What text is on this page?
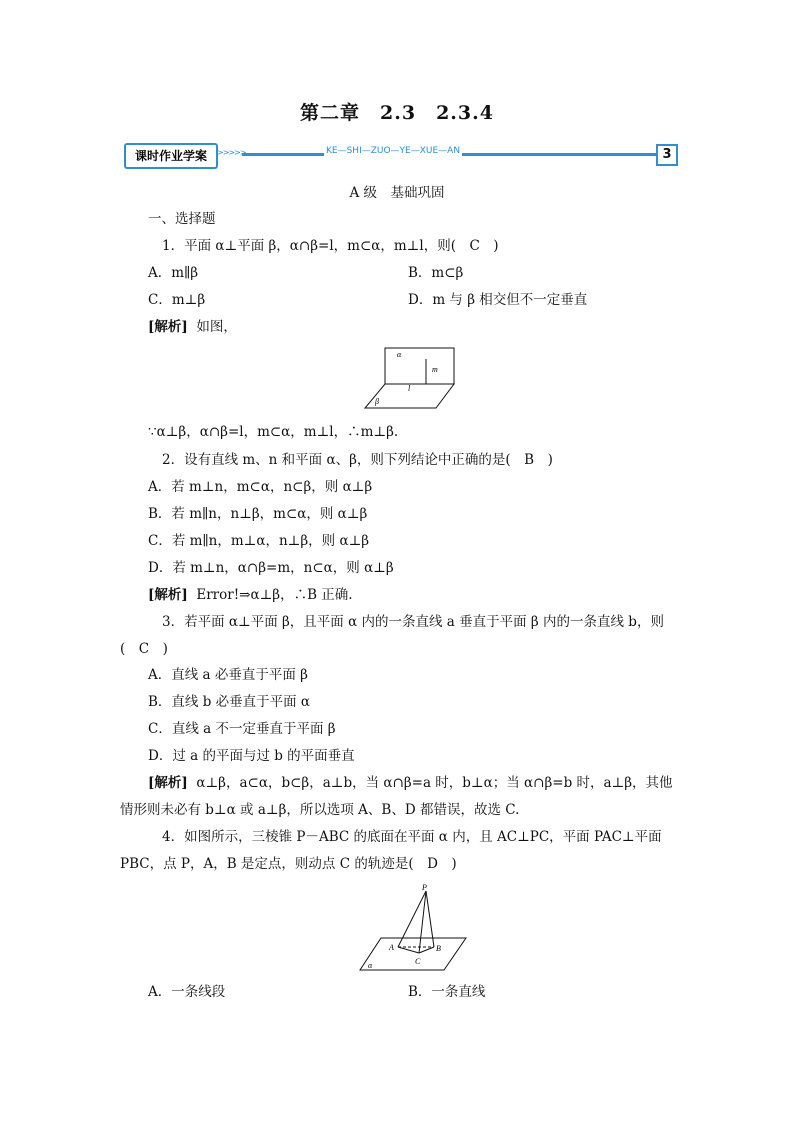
第二章　2.3　2.3.4
课时作业学案	>>>>>	KE—SHI—ZUO—YE—XUE—AN	3
A 级　基础巩固
一、选择题
1．平面 α⊥平面 β，α∩β=l，m⊂α，m⊥l，则(　C　)
A．m∥β	B．m⊂β
C．m⊥β	D．m 与 β 相交但不一定垂直
[解析] 如图，
α
m
l
β
∵α⊥β，α∩β=l，m⊂α，m⊥l，∴m⊥β.
2．设有直线 m、n 和平面 α、β，则下列结论中正确的是(　B　)
A．若 m⊥n，m⊂α，n⊂β，则 α⊥β
B．若 m∥n，n⊥β，m⊂α，则 α⊥β
C．若 m∥n，m⊥α，n⊥β，则 α⊥β
D．若 m⊥n，α∩β=m，n⊂α，则 α⊥β
[解析] Error!⇒α⊥β，∴B 正确.
3．若平面 α⊥平面 β，且平面 α 内的一条直线 a 垂直于平面 β 内的一条直线 b，则
(　C　)
A．直线 a 必垂直于平面 β
B．直线 b 必垂直于平面 α
C．直线 a 不一定垂直于平面 β
D．过 a 的平面与过 b 的平面垂直
[解析] α⊥β，a⊂α，b⊂β，a⊥b，当 α∩β=a 时，b⊥α；当 α∩β=b 时，a⊥β，其他
情形则未必有 b⊥α 或 a⊥β，所以选项 A、B、D 都错误，故选 C.
4．如图所示，三棱锥 P－ABC 的底面在平面 α 内，且 AC⊥PC，平面 PAC⊥平面
PBC，点 P，A，B 是定点，则动点 C 的轨迹是(　D　)
P
A	B
C
α
A．一条线段	B．一条直线
